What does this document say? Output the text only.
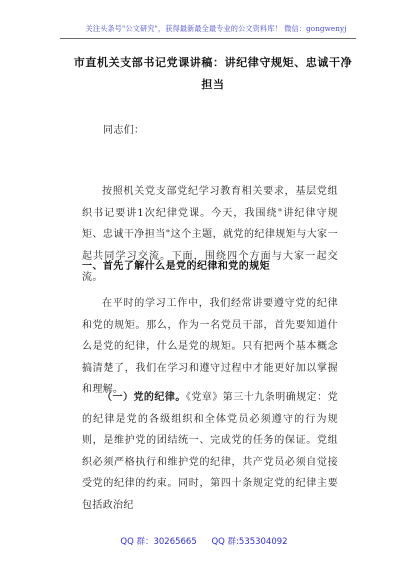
关注头条号"公文研究"，获得最新最全最专业的公文资料库！ 微信：gongwenyj
市直机关支部书记党课讲稿：讲纪律守规矩、忠诚干净担当
同志们：
按照机关党支部党纪学习教育相关要求，基层党组织书记要讲1次纪律党课。今天，我围绕"讲纪律守规矩、忠诚干净担当"这个主题，就党的纪律规矩与大家一起共同学习交流。下面，围绕四个方面与大家一起交流。
一、首先了解什么是党的纪律和党的规矩
在平时的学习工作中，我们经常讲要遵守党的纪律和党的规矩。那么，作为一名党员干部，首先要知道什么是党的纪律，什么是党的规矩。只有把两个基本概念搞清楚了，我们在学习和遵守过程中才能更好加以掌握和理解。
（一）党的纪律。《党章》第三十九条明确规定：党的纪律是党的各级组织和全体党员必须遵守的行为规则，是维护党的团结统一、完成党的任务的保证。党组织必须严格执行和维护党的纪律，共产党员必须自觉接受党的纪律的约束。同时，第四十条规定党的纪律主要包括政治纪
QQ 群：30265665 QQ 群:535304092
